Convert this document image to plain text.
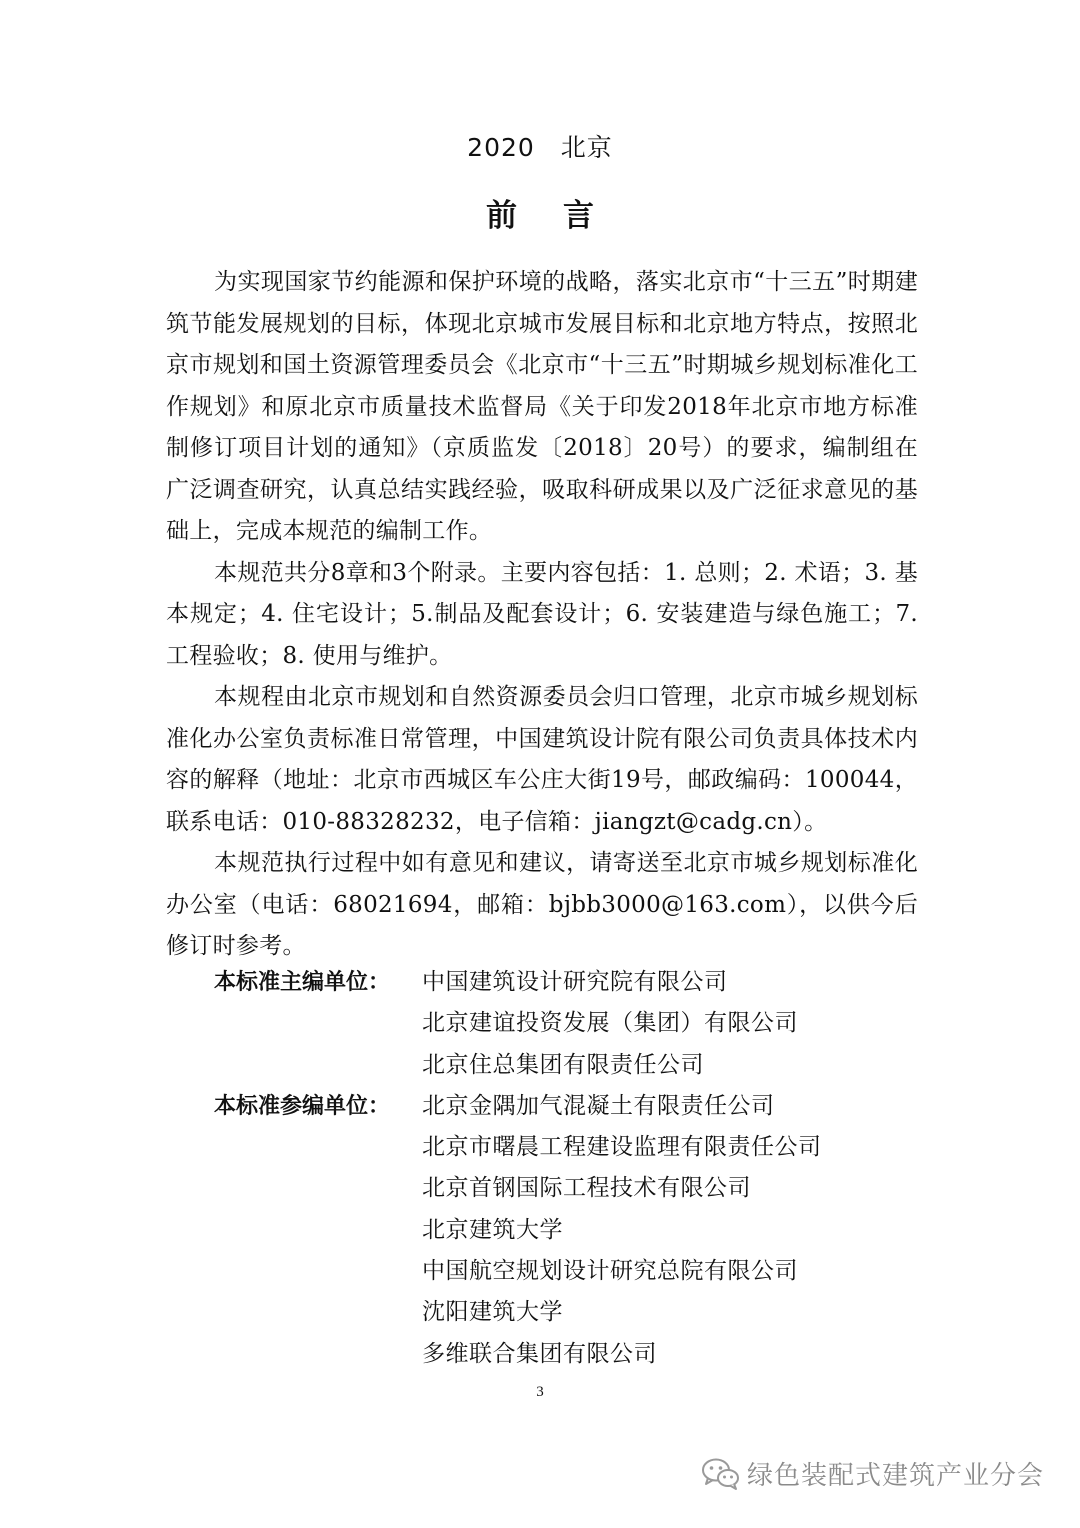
2020 北京
前言

为实现国家节约能源和保护环境的战略，落实北京市“十三五”时期建筑节能发展规划的目标，体现北京城市发展目标和北京地方特点，按照北京市规划和国土资源管理委员会《北京市“十三五”时期城乡规划标准化工作规划》和原北京市质量技术监督局《关于印发2018年北京市地方标准制修订项目计划的通知》（京质监发〔2018〕20号）的要求，编制组在广泛调查研究，认真总结实践经验，吸取科研成果以及广泛征求意见的基础上，完成本规范的编制工作。

本规范共分8章和3个附录。主要内容包括：1. 总则；2. 术语；3. 基本规定；4. 住宅设计；5.制品及配套设计；6. 安装建造与绿色施工；7. 工程验收；8. 使用与维护。

本规程由北京市规划和自然资源委员会归口管理，北京市城乡规划标准化办公室负责标准日常管理，中国建筑设计院有限公司负责具体技术内容的解释（地址：北京市西城区车公庄大街19号，邮政编码：100044，联系电话：010-88328232，电子信箱：jiangzt@cadg.cn）。

本规范执行过程中如有意见和建议，请寄送至北京市城乡规划标准化办公室（电话：68021694，邮箱：bjbb3000@163.com），以供今后修订时参考。

本标准主编单位：	中国建筑设计研究院有限公司
北京建谊投资发展（集团）有限公司
北京住总集团有限责任公司
本标准参编单位：	北京金隅加气混凝土有限责任公司
北京市曙晨工程建设监理有限责任公司
北京首钢国际工程技术有限公司
北京建筑大学
中国航空规划设计研究总院有限公司
沈阳建筑大学
多维联合集团有限公司
3
绿色装配式建筑产业分会
